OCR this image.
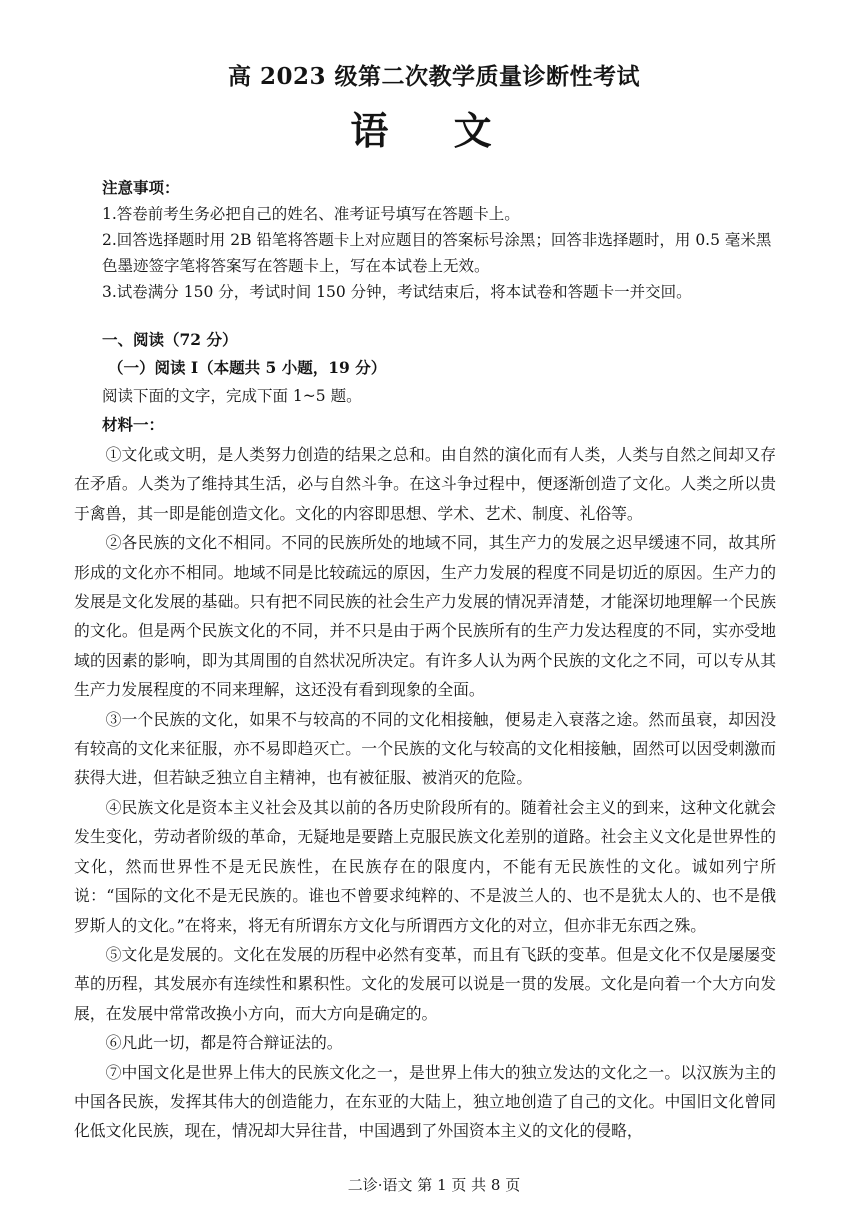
高 2023 级第二次教学质量诊断性考试
语 文
注意事项：

1.答卷前考生务必把自己的姓名、准考证号填写在答题卡上。

2.回答选择题时用 2B 铅笔将答题卡上对应题目的答案标号涂黑；回答非选择题时，用 0.5 毫米黑色墨迹签字笔将答案写在答题卡上，写在本试卷上无效。

3.试卷满分 150 分，考试时间 150 分钟，考试结束后，将本试卷和答题卡一并交回。

一、阅读（72 分）
（一）阅读 I（本题共 5 小题，19 分）
阅读下面的文字，完成下面 1~5 题。
材料一：

①文化或文明，是人类努力创造的结果之总和。由自然的演化而有人类，人类与自然之间却又存在矛盾。人类为了维持其生活，必与自然斗争。在这斗争过程中，便逐渐创造了文化。人类之所以贵于禽兽，其一即是能创造文化。文化的内容即思想、学术、艺术、制度、礼俗等。

②各民族的文化不相同。不同的民族所处的地域不同，其生产力的发展之迟早缓速不同，故其所形成的文化亦不相同。地域不同是比较疏远的原因，生产力发展的程度不同是切近的原因。生产力的发展是文化发展的基础。只有把不同民族的社会生产力发展的情况弄清楚，才能深切地理解一个民族的文化。但是两个民族文化的不同，并不只是由于两个民族所有的生产力发达程度的不同，实亦受地域的因素的影响，即为其周围的自然状况所决定。有许多人认为两个民族的文化之不同，可以专从其生产力发展程度的不同来理解，这还没有看到现象的全面。

③一个民族的文化，如果不与较高的不同的文化相接触，便易走入衰落之途。然而虽衰，却因没有较高的文化来征服，亦不易即趋灭亡。一个民族的文化与较高的文化相接触，固然可以因受刺激而获得大进，但若缺乏独立自主精神，也有被征服、被消灭的危险。

④民族文化是资本主义社会及其以前的各历史阶段所有的。随着社会主义的到来，这种文化就会发生变化，劳动者阶级的革命，无疑地是要踏上克服民族文化差别的道路。社会主义文化是世界性的文化，然而世界性不是无民族性，在民族存在的限度内，不能有无民族性的文化。诚如列宁所说：“国际的文化不是无民族的。谁也不曾要求纯粹的、不是波兰人的、也不是犹太人的、也不是俄罗斯人的文化。”在将来，将无有所谓东方文化与所谓西方文化的对立，但亦非无东西之殊。

⑤文化是发展的。文化在发展的历程中必然有变革，而且有飞跃的变革。但是文化不仅是屡屡变革的历程，其发展亦有连续性和累积性。文化的发展可以说是一贯的发展。文化是向着一个大方向发展，在发展中常常改换小方向，而大方向是确定的。

⑥凡此一切，都是符合辩证法的。

⑦中国文化是世界上伟大的民族文化之一，是世界上伟大的独立发达的文化之一。以汉族为主的中国各民族，发挥其伟大的创造能力，在东亚的大陆上，独立地创造了自己的文化。中国旧文化曾同化低文化民族，现在，情况却大异往昔，中国遇到了外国资本主义的文化的侵略，

二诊·语文 第 1 页 共 8 页
